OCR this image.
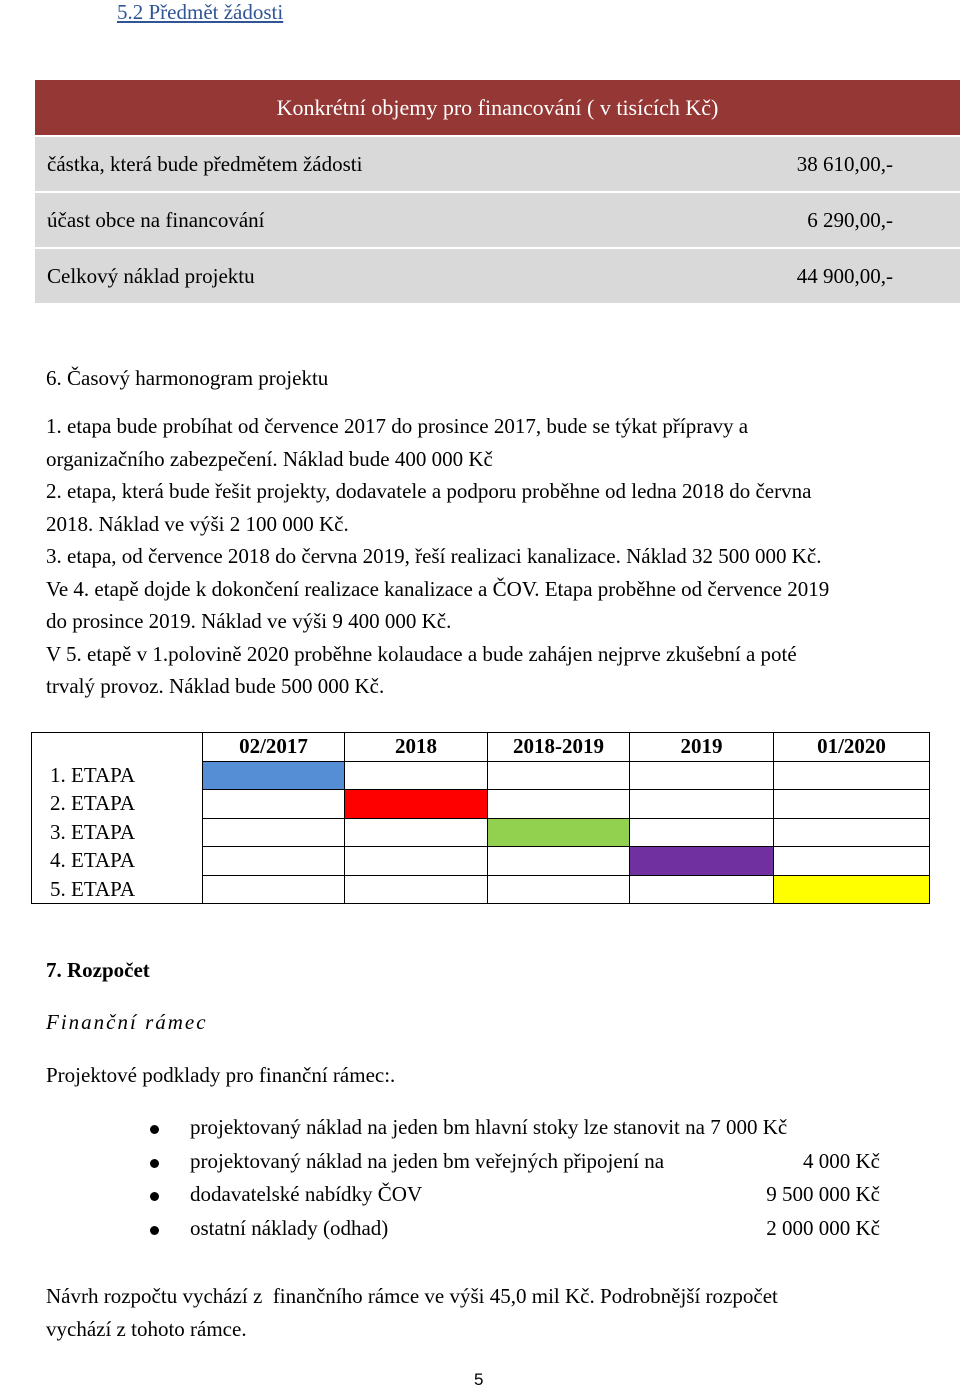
5.2 Předmět žádosti
Konkrétní objemy pro financování ( v tisících Kč)
částka, která bude předmětem žádosti	38 610,00,-
účast obce na financování	6 290,00,-
Celkový náklad projektu	44 900,00,-
6. Časový harmonogram projektu
1. etapa bude probíhat od července 2017 do prosince 2017, bude se týkat přípravy a
organizačního zabezpečení. Náklad bude 400 000 Kč
2. etapa, která bude řešit projekty, dodavatele a podporu proběhne od ledna 2018 do června
2018. Náklad ve výši 2 100 000 Kč.
3. etapa, od července 2018 do června 2019, řeší realizaci kanalizace. Náklad 32 500 000 Kč.
Ve 4. etapě dojde k dokončení realizace kanalizace a ČOV. Etapa proběhne od července 2019
do prosince 2019. Náklad ve výši 9 400 000 Kč.
V 5. etapě v 1.polovině 2020 proběhne kolaudace a bude zahájen nejprve zkušební a poté
trvalý provoz. Náklad bude 500 000 Kč.
	02/2017	2018	2018-2019	2019	01/2020
1. ETAPA					
2. ETAPA					
3. ETAPA					
4. ETAPA					
5. ETAPA					
7. Rozpočet
Finanční rámec
Projektové podklady pro finanční rámec:.
projektovaný náklad na jeden bm hlavní stoky lze stanovit na 7 000 Kč
projektovaný náklad na jeden bm veřejných připojení na	4 000 Kč
dodavatelské nabídky ČOV	9 500 000 Kč
ostatní náklady (odhad)	2 000 000 Kč
Návrh rozpočtu vychází z  finančního rámce ve výši 45,0 mil Kč. Podrobnější rozpočet
vychází z tohoto rámce.
5
